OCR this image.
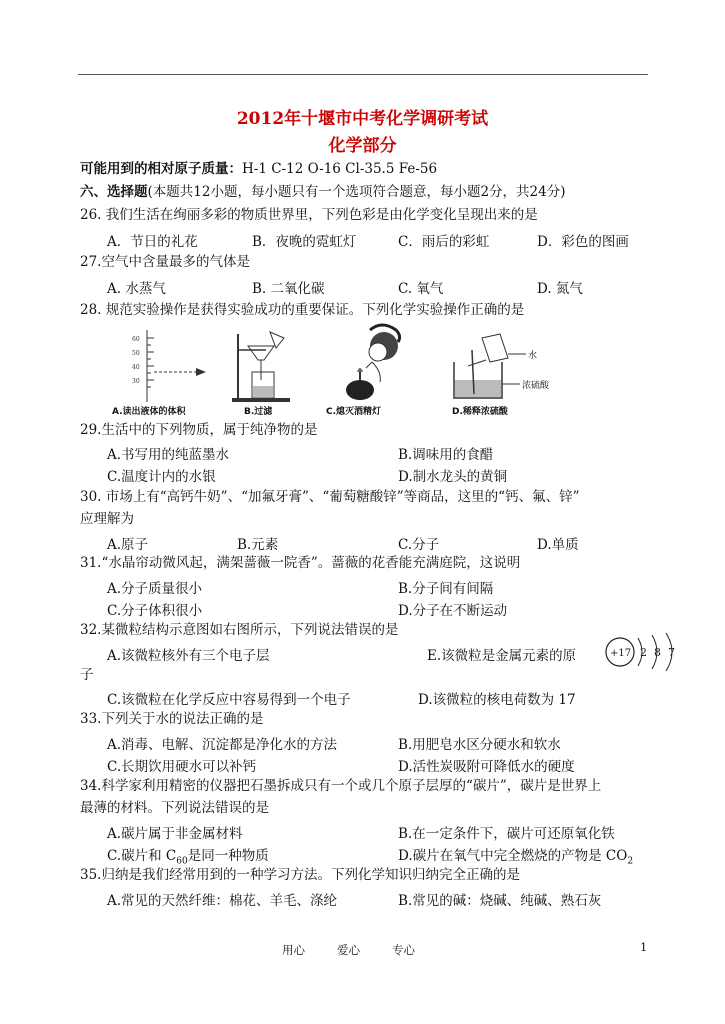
2012年十堰市中考化学调研考试
化学部分
可能用到的相对原子质量：H-1 C-12 O-16 Cl-35.5 Fe-56
六、选择题(本题共12小题，每小题只有一个选项符合题意，每小题2分，共24分)
26. 我们生活在绚丽多彩的物质世界里，下列色彩是由化学变化呈现出来的是
A．节日的礼花	B．夜晚的霓虹灯	C．雨后的彩虹	D．彩色的图画
27.空气中含量最多的气体是
A. 水蒸气	B. 二氧化碳	C. 氧气	D. 氮气
28. 规范实验操作是获得实验成功的重要保证。下列化学实验操作正确的是
60
50
40
30
A.读出液体的体积	B.过滤	C.熄灭酒精灯
水
浓硫酸
D.稀释浓硫酸
29.生活中的下列物质，属于纯净物的是
A.书写用的纯蓝墨水	B.调味用的食醋
C.温度计内的水银	D.制水龙头的黄铜
30. 市场上有“高钙牛奶”、“加氟牙膏”、“葡萄糖酸锌”等商品，这里的“钙、氟、锌”
应理解为
A.原子	B.元素	C.分子	D.单质
31.“水晶帘动微风起，满架蔷薇一院香”。蔷薇的花香能充满庭院，这说明
A.分子质量很小	B.分子间有间隔
C.分子体积很小	D.分子在不断运动
32.某微粒结构示意图如右图所示，下列说法错误的是
A.该微粒核外有三个电子层	E.该微粒是金属元素的原
子
C.该微粒在化学反应中容易得到一个电子	D.该微粒的核电荷数为 17
+17 2 8 7
33.下列关于水的说法正确的是
A.消毒、电解、沉淀都是净化水的方法	B.用肥皂水区分硬水和软水
C.长期饮用硬水可以补钙	D.活性炭吸附可降低水的硬度
34.科学家利用精密的仪器把石墨拆成只有一个或几个原子层厚的“碳片”，碳片是世界上
最薄的材料。下列说法错误的是
A.碳片属于非金属材料	B.在一定条件下，碳片可还原氧化铁
C.碳片和 $C_{60}$是同一种物质	D.碳片在氧气中完全燃烧的产物是 $CO_2$
35.归纳是我们经常用到的一种学习方法。下列化学知识归纳完全正确的是
A.常见的天然纤维：棉花、羊毛、涤纶	B.常见的碱：烧碱、纯碱、熟石灰
用心	爱心	专心	1
